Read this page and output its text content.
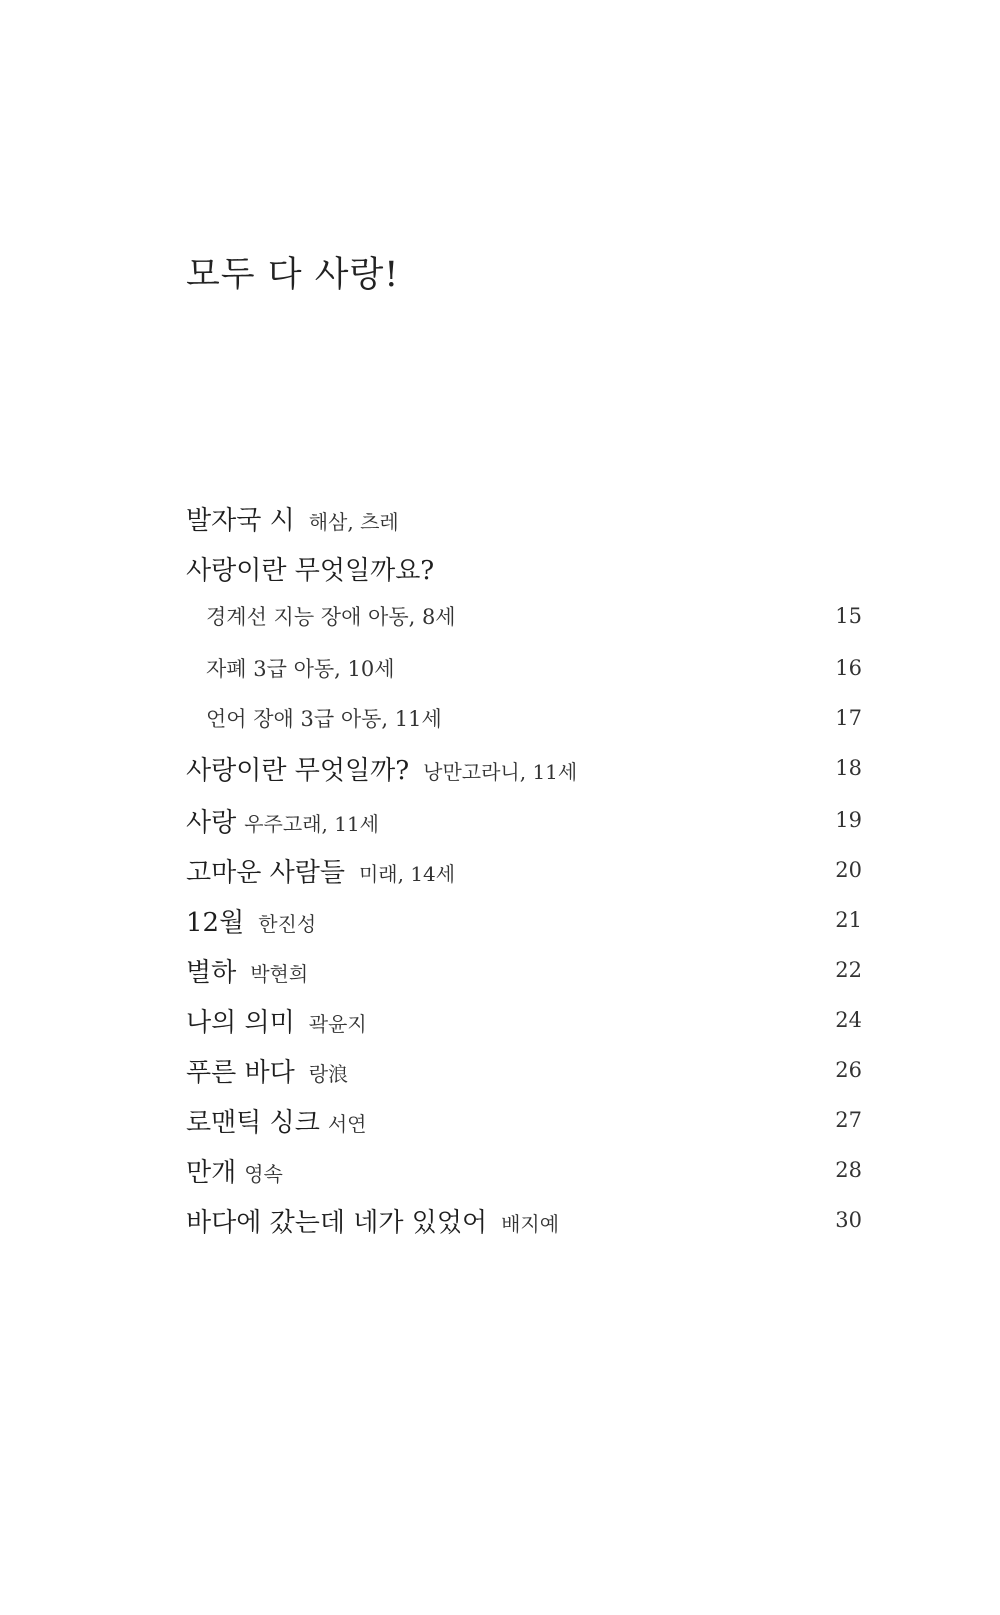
모두 다 사랑!
발자국 시 해삼, 츠레
사랑이란 무엇일까요?
경계선 지능 장애 아동, 8세	15
자폐 3급 아동, 10세	16
언어 장애 3급 아동, 11세	17
사랑이란 무엇일까? 낭만고라니, 11세	18
사랑 우주고래, 11세	19
고마운 사람들 미래, 14세	20
12월 한진성	21
별하 박현희	22
나의 의미 곽윤지	24
푸른 바다 랑浪	26
로맨틱 싱크 서연	27
만개 영속	28
바다에 갔는데 네가 있었어 배지예	30
